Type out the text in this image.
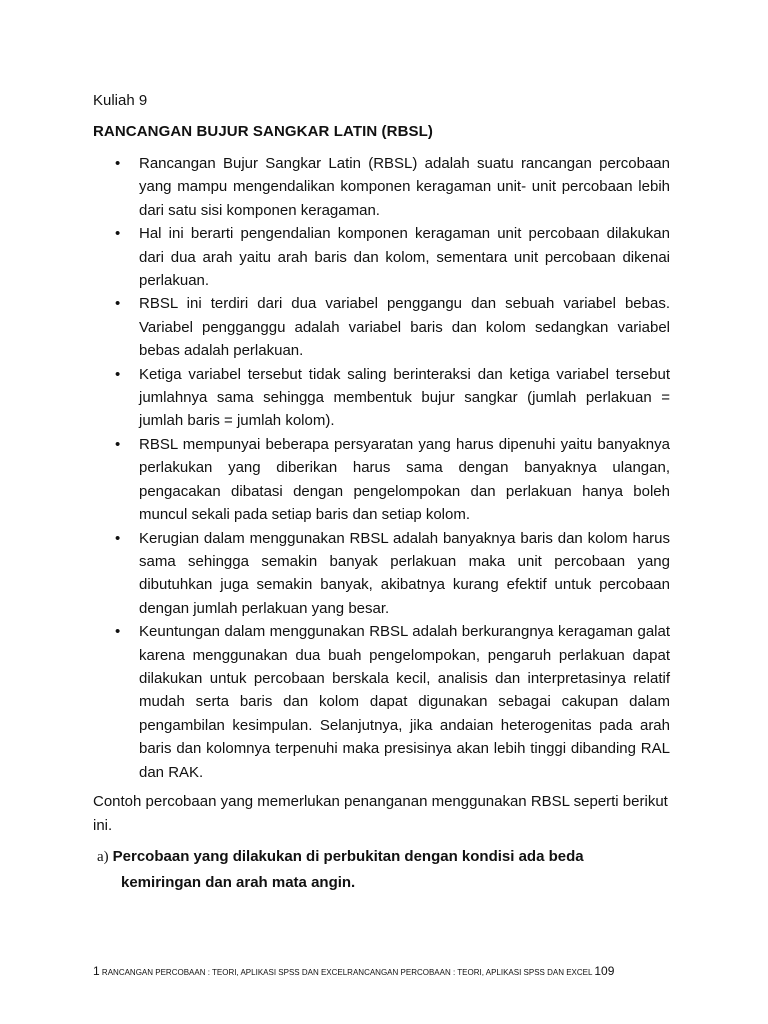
Kuliah 9
RANCANGAN BUJUR SANGKAR LATIN (RBSL)
• Rancangan Bujur Sangkar Latin (RBSL) adalah suatu rancangan percobaan yang mampu mengendalikan komponen keragaman unit- unit percobaan lebih dari satu sisi komponen keragaman.
• Hal ini berarti pengendalian komponen keragaman unit percobaan dilakukan dari dua arah yaitu arah baris dan kolom, sementara unit percobaan dikenai perlakuan.
• RBSL ini terdiri dari dua variabel penggangu dan sebuah variabel bebas. Variabel pengganggu adalah variabel baris dan kolom sedangkan variabel bebas adalah perlakuan.
• Ketiga variabel tersebut tidak saling berinteraksi dan ketiga variabel tersebut jumlahnya sama sehingga membentuk bujur sangkar (jumlah perlakuan = jumlah baris = jumlah kolom).
• RBSL mempunyai beberapa persyaratan yang harus dipenuhi yaitu banyaknya perlakukan yang diberikan harus sama dengan banyaknya ulangan, pengacakan dibatasi dengan pengelompokan dan perlakuan hanya boleh muncul sekali pada setiap baris dan setiap kolom.
• Kerugian dalam menggunakan RBSL adalah banyaknya baris dan kolom harus sama sehingga semakin banyak perlakuan maka unit percobaan yang dibutuhkan juga semakin banyak, akibatnya kurang efektif untuk percobaan dengan jumlah perlakuan yang besar.
• Keuntungan dalam menggunakan RBSL adalah berkurangnya keragaman galat karena menggunakan dua buah pengelompokan, pengaruh perlakuan dapat dilakukan untuk percobaan berskala kecil, analisis dan interpretasinya relatif mudah serta baris dan kolom dapat digunakan sebagai cakupan dalam pengambilan kesimpulan. Selanjutnya, jika andaian heterogenitas pada arah baris dan kolomnya terpenuhi maka presisinya akan lebih tinggi dibanding RAL dan RAK.
Contoh percobaan yang memerlukan penanganan menggunakan RBSL seperti berikut ini.
a) Percobaan yang dilakukan di perbukitan dengan kondisi ada beda
kemiringan dan arah mata angin.
1 RANCANGAN PERCOBAAN : TEORI, APLIKASI SPSS DAN EXCELRANCANGAN PERCOBAAN : TEORI, APLIKASI SPSS DAN EXCEL 109
